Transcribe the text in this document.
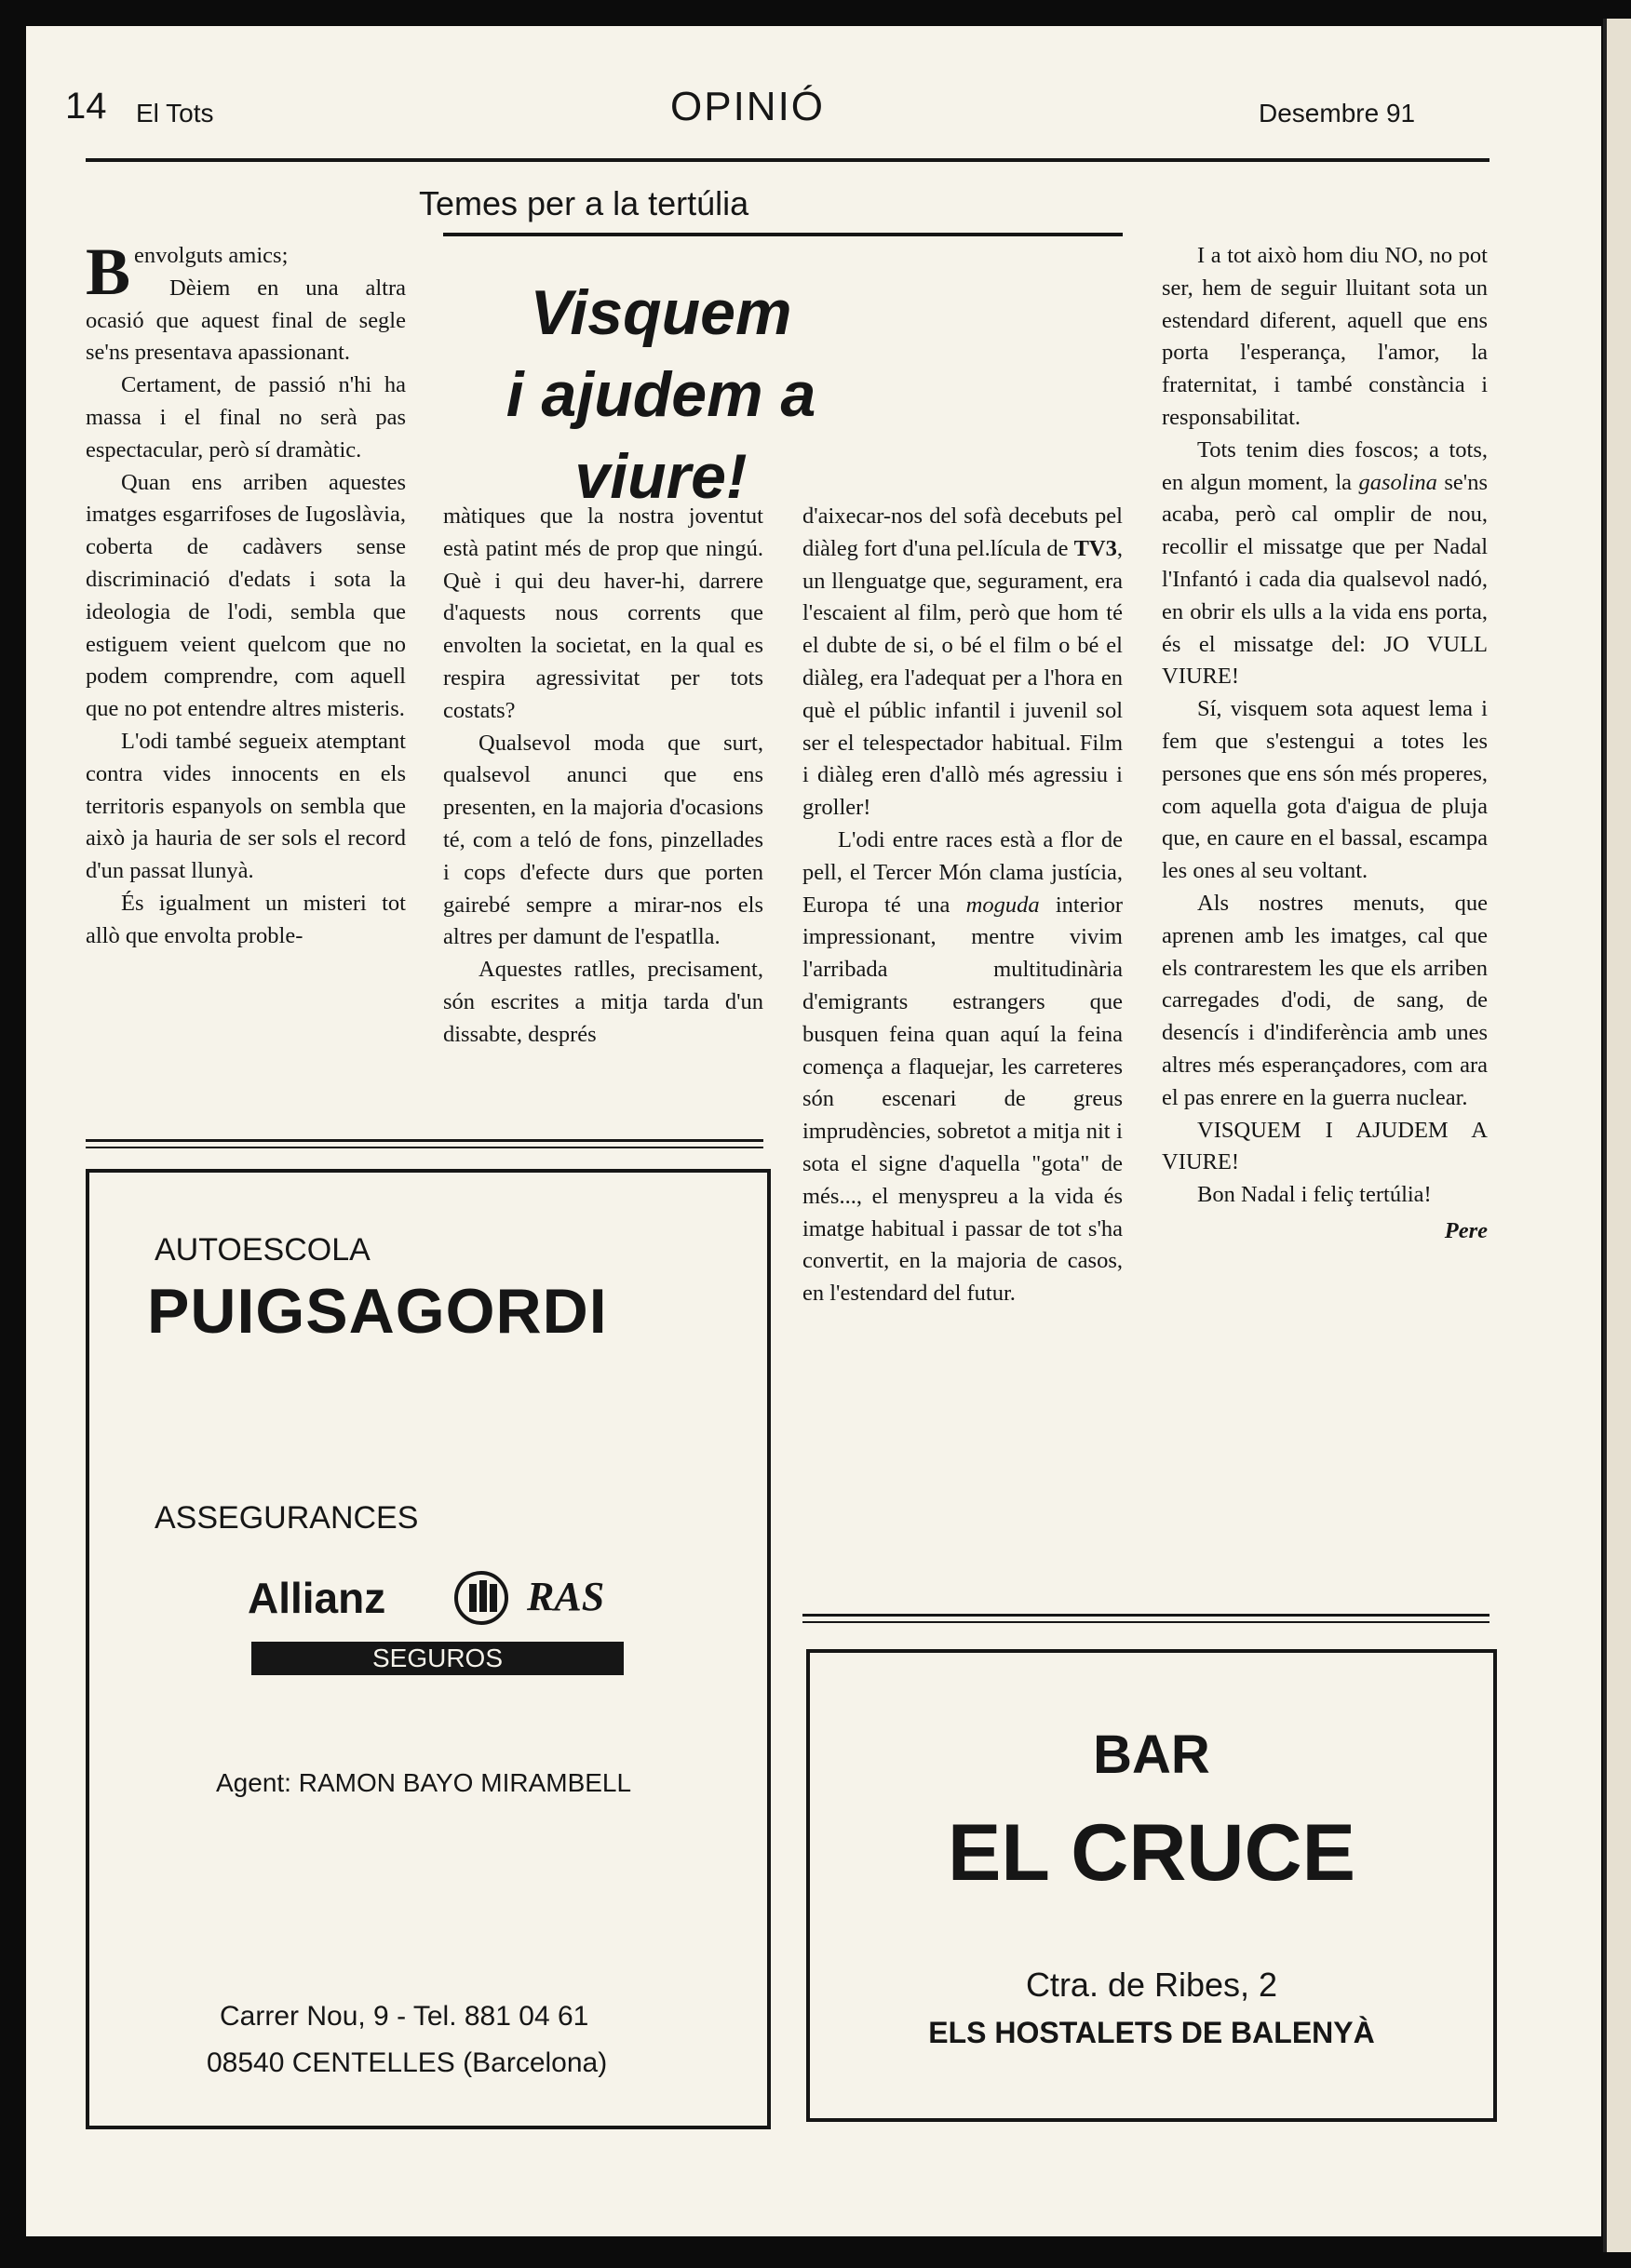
14 El Tots	OPINIÓ	Desembre 91
Temes per a la tertúlia
Visquem
i ajudem a viure!

Benvolguts amics;

Dèiem en una altra ocasió que aquest final de segle se'ns presentava apassionant.

Certament, de passió n'hi ha massa i el final no serà pas espectacular, però sí dramàtic.

Quan ens arriben aquestes imatges esgarrifoses de Iugoslàvia, coberta de cadàvers sense discriminació d'edats i sota la ideologia de l'odi, sembla que estiguem veient quelcom que no podem comprendre, com aquell que no pot entendre altres misteris.

L'odi també segueix atemptant contra vides innocents en els territoris espanyols on sembla que això ja hauria de ser sols el record d'un passat llunyà.

És igualment un misteri tot allò que envolta proble-

màtiques que la nostra joventut està patint més de prop que ningú. Què i qui deu haver-hi, darrere d'aquests nous corrents que envolten la societat, en la qual es respira agressivitat per tots costats?

Qualsevol moda que surt, qualsevol anunci que ens presenten, en la majoria d'ocasions té, com a teló de fons, pinzellades i cops d'efecte durs que porten gairebé sempre a mirar-nos els altres per damunt de l'espatlla.

Aquestes ratlles, precisament, són escrites a mitja tarda d'un dissabte, després

d'aixecar-nos del sofà decebuts pel diàleg fort d'una pel.lícula de TV3, un llenguatge que, segurament, era l'escaient al film, però que hom té el dubte de si, o bé el film o bé el diàleg, era l'adequat per a l'hora en què el públic infantil i juvenil sol ser el telespectador habitual. Film i diàleg eren d'allò més agressiu i groller!

L'odi entre races està a flor de pell, el Tercer Món clama justícia, Europa té una moguda interior impressionant, mentre vivim l'arribada multitudinària d'emigrants estrangers que busquen feina quan aquí la feina comença a flaquejar, les carreteres són escenari de greus imprudències, sobretot a mitja nit i sota el signe d'aquella "gota" de més..., el menyspreu a la vida és imatge habitual i passar de tot s'ha convertit, en la majoria de casos, en l'estendard del futur.

I a tot això hom diu NO, no pot ser, hem de seguir lluitant sota un estendard diferent, aquell que ens porta l'esperança, l'amor, la fraternitat, i també constància i responsabilitat.

Tots tenim dies foscos; a tots, en algun moment, la gasolina se'ns acaba, però cal omplir de nou, recollir el missatge que per Nadal l'Infantó i cada dia qualsevol nadó, en obrir els ulls a la vida ens porta, és el missatge del: JO VULL VIURE!

Sí, visquem sota aquest lema i fem que s'estengui a totes les persones que ens són més properes, com aquella gota d'aigua de pluja que, en caure en el bassal, escampa les ones al seu voltant.

Als nostres menuts, que aprenen amb les imatges, cal que els contrarestem les que els arriben carregades d'odi, de sang, de desencís i d'indiferència amb unes altres més esperançadores, com ara el pas enrere en la guerra nuclear.

VISQUEM I AJUDEM A VIURE!

Bon Nadal i feliç tertúlia!

Pere
AUTOESCOLA
PUIGSAGORDI
ASSEGURANCES
Allianz	RAS
SEGUROS
Agent: RAMON BAYO MIRAMBELL
Carrer Nou, 9 - Tel. 881 04 61
08540 CENTELLES (Barcelona)
BAR
EL CRUCE
Ctra. de Ribes, 2
ELS HOSTALETS DE BALENYÀ
